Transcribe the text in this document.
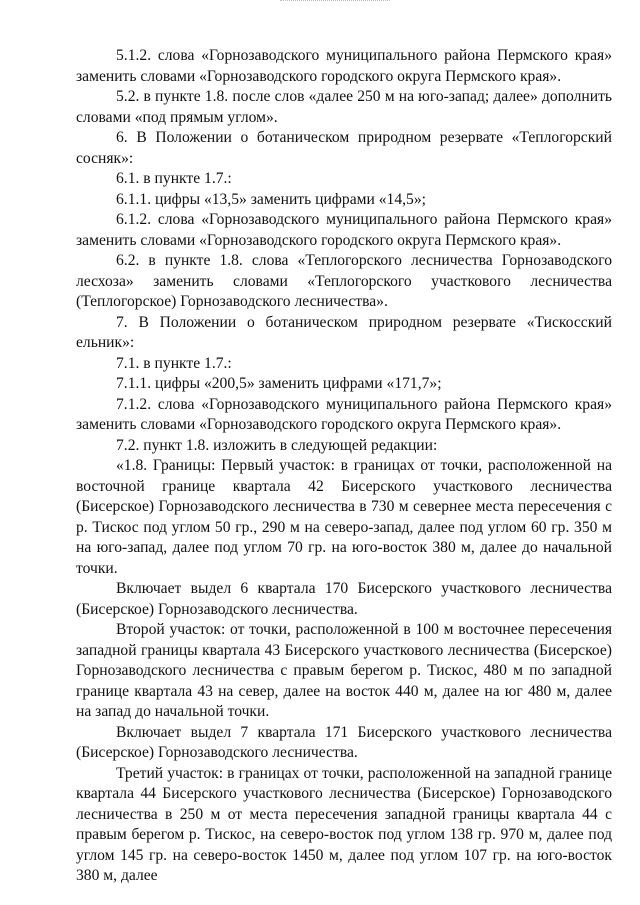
5.1.2. слова «Горнозаводского муниципального района Пермского края» заменить словами «Горнозаводского городского округа Пермского края».

5.2. в пункте 1.8. после слов «далее 250 м на юго-запад; далее» дополнить словами «под прямым углом».

6. В Положении о ботаническом природном резервате «Теплогорский сосняк»:

6.1. в пункте 1.7.:

6.1.1. цифры «13,5» заменить цифрами «14,5»;

6.1.2. слова «Горнозаводского муниципального района Пермского края» заменить словами «Горнозаводского городского округа Пермского края».

6.2. в пункте 1.8. слова «Теплогорского лесничества Горнозаводского лесхоза» заменить словами «Теплогорского участкового лесничества (Теплогорское) Горнозаводского лесничества».

7. В Положении о ботаническом природном резервате «Тискосский ельник»:

7.1. в пункте 1.7.:

7.1.1. цифры «200,5» заменить цифрами «171,7»;

7.1.2. слова «Горнозаводского муниципального района Пермского края» заменить словами «Горнозаводского городского округа Пермского края».

7.2. пункт 1.8. изложить в следующей редакции:

«1.8. Границы: Первый участок: в границах от точки, расположенной на восточной границе квартала 42 Бисерского участкового лесничества (Бисерское) Горнозаводского лесничества в 730 м севернее места пересечения с р. Тискос под углом 50 гр., 290 м на северо-запад, далее под углом 60 гр. 350 м на юго-запад, далее под углом 70 гр. на юго-восток 380 м, далее до начальной точки.

Включает выдел 6 квартала 170 Бисерского участкового лесничества (Бисерское) Горнозаводского лесничества.

Второй участок: от точки, расположенной в 100 м восточнее пересечения западной границы квартала 43 Бисерского участкового лесничества (Бисерское) Горнозаводского лесничества с правым берегом р. Тискос, 480 м по западной границе квартала 43 на север, далее на восток 440 м, далее на юг 480 м, далее на запад до начальной точки.

Включает выдел 7 квартала 171 Бисерского участкового лесничества (Бисерское) Горнозаводского лесничества.

Третий участок: в границах от точки, расположенной на западной границе квартала 44 Бисерского участкового лесничества (Бисерское) Горнозаводского лесничества в 250 м от места пересечения западной границы квартала 44 с правым берегом р. Тискос, на северо-восток под углом 138 гр. 970 м, далее под углом 145 гр. на северо-восток 1450 м, далее под углом 107 гр. на юго-восток 380 м, далее
